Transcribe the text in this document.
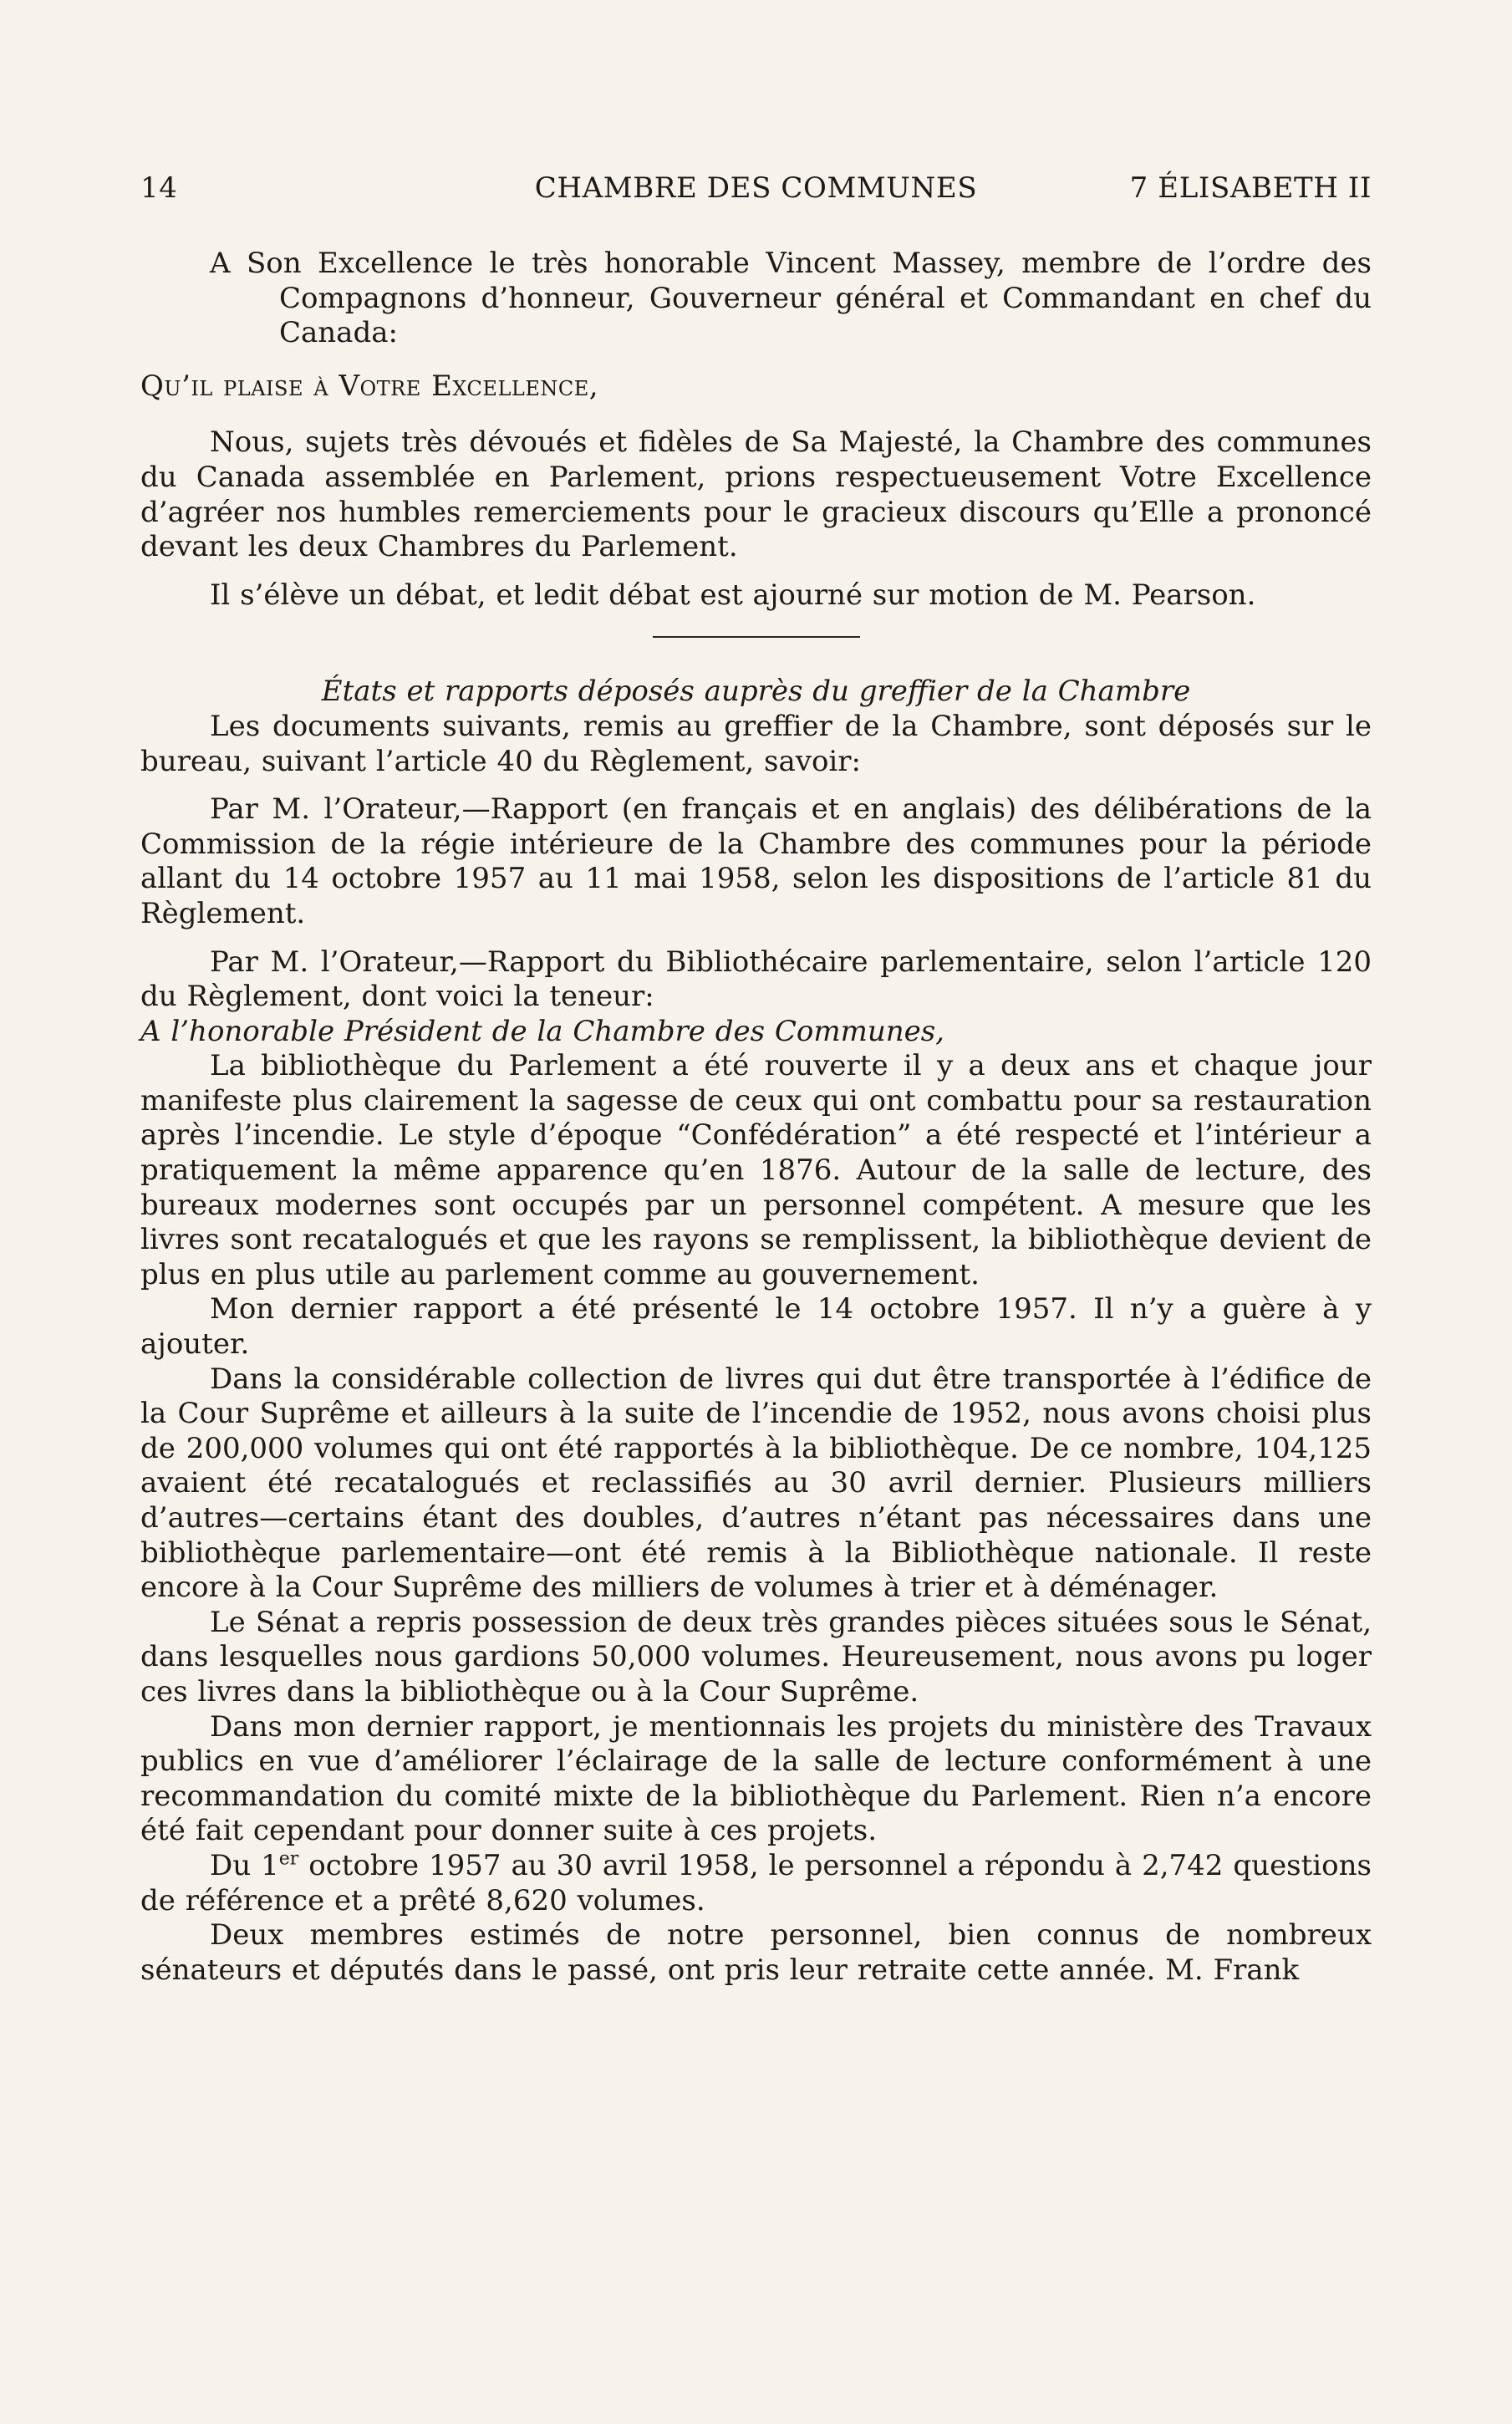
14	CHAMBRE DES COMMUNES	7 ÉLISABETH II
A Son Excellence le très honorable Vincent Massey, membre de l’ordre des Compagnons d’honneur, Gouverneur général et Commandant en chef du Canada:
Qu’il plaise à Votre Excellence,

Nous, sujets très dévoués et fidèles de Sa Majesté, la Chambre des communes du Canada assemblée en Parlement, prions respectueusement Votre Excellence d’agréer nos humbles remerciements pour le gracieux discours qu’Elle a prononcé devant les deux Chambres du Parlement.

Il s’élève un débat, et ledit débat est ajourné sur motion de M. Pearson.

États et rapports déposés auprès du greffier de la Chambre

Les documents suivants, remis au greffier de la Chambre, sont déposés sur le bureau, suivant l’article 40 du Règlement, savoir:

Par M. l’Orateur,—Rapport (en français et en anglais) des délibérations de la Commission de la régie intérieure de la Chambre des communes pour la période allant du 14 octobre 1957 au 11 mai 1958, selon les dispositions de l’article 81 du Règlement.

Par M. l’Orateur,—Rapport du Bibliothécaire parlementaire, selon l’article 120 du Règlement, dont voici la teneur:

A l’honorable Président de la Chambre des Communes,

La bibliothèque du Parlement a été rouverte il y a deux ans et chaque jour manifeste plus clairement la sagesse de ceux qui ont combattu pour sa restauration après l’incendie. Le style d’époque “Confédération” a été respecté et l’intérieur a pratiquement la même apparence qu’en 1876. Autour de la salle de lecture, des bureaux modernes sont occupés par un personnel compétent. A mesure que les livres sont recatalogués et que les rayons se remplissent, la bibliothèque devient de plus en plus utile au parlement comme au gouvernement.

Mon dernier rapport a été présenté le 14 octobre 1957. Il n’y a guère à y ajouter.

Dans la considérable collection de livres qui dut être transportée à l’édifice de la Cour Suprême et ailleurs à la suite de l’incendie de 1952, nous avons choisi plus de 200,000 volumes qui ont été rapportés à la bibliothèque. De ce nombre, 104,125 avaient été recatalogués et reclassifiés au 30 avril dernier. Plusieurs milliers d’autres—certains étant des doubles, d’autres n’étant pas nécessaires dans une bibliothèque parlementaire—ont été remis à la Bibliothèque nationale. Il reste encore à la Cour Suprême des milliers de volumes à trier et à déménager.

Le Sénat a repris possession de deux très grandes pièces situées sous le Sénat, dans lesquelles nous gardions 50,000 volumes. Heureusement, nous avons pu loger ces livres dans la bibliothèque ou à la Cour Suprême.

Dans mon dernier rapport, je mentionnais les projets du ministère des Travaux publics en vue d’améliorer l’éclairage de la salle de lecture conformément à une recommandation du comité mixte de la bibliothèque du Parlement. Rien n’a encore été fait cependant pour donner suite à ces projets.

Du 1er octobre 1957 au 30 avril 1958, le personnel a répondu à 2,742 questions de référence et a prêté 8,620 volumes.

Deux membres estimés de notre personnel, bien connus de nombreux sénateurs et députés dans le passé, ont pris leur retraite cette année. M. Frank
